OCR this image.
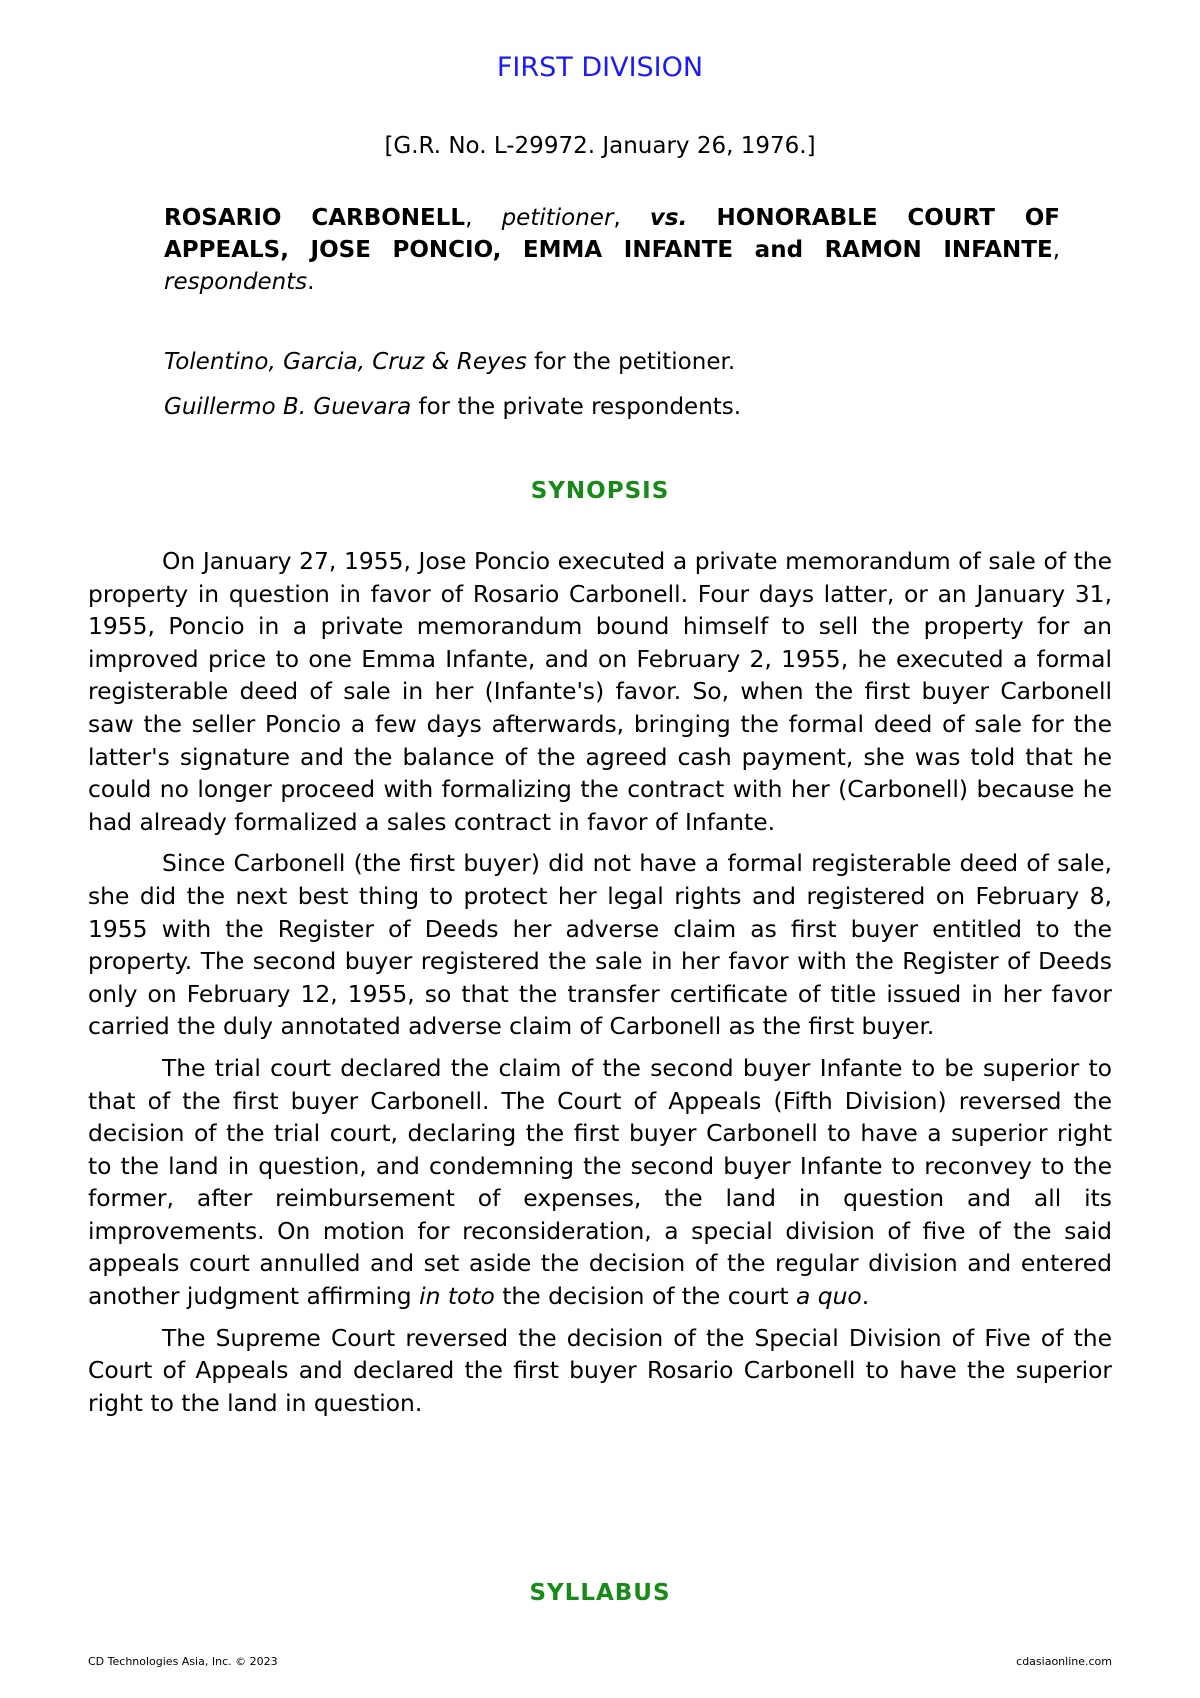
FIRST DIVISION
[G.R. No. L-29972. January 26, 1976.]
ROSARIO CARBONELL, petitioner, vs. HONORABLE COURT OF APPEALS, JOSE PONCIO, EMMA INFANTE and RAMON INFANTE, respondents.
Tolentino, Garcia, Cruz & Reyes for the petitioner.
Guillermo B. Guevara for the private respondents.
SYNOPSIS

On January 27, 1955, Jose Poncio executed a private memorandum of sale of the property in question in favor of Rosario Carbonell. Four days latter, or an January 31, 1955, Poncio in a private memorandum bound himself to sell the property for an improved price to one Emma Infante, and on February 2, 1955, he executed a formal registerable deed of sale in her (Infante's) favor. So, when the first buyer Carbonell saw the seller Poncio a few days afterwards, bringing the formal deed of sale for the latter's signature and the balance of the agreed cash payment, she was told that he could no longer proceed with formalizing the contract with her (Carbonell) because he had already formalized a sales contract in favor of Infante.

Since Carbonell (the first buyer) did not have a formal registerable deed of sale, she did the next best thing to protect her legal rights and registered on February 8, 1955 with the Register of Deeds her adverse claim as first buyer entitled to the property. The second buyer registered the sale in her favor with the Register of Deeds only on February 12, 1955, so that the transfer certificate of title issued in her favor carried the duly annotated adverse claim of Carbonell as the first buyer.

The trial court declared the claim of the second buyer Infante to be superior to that of the first buyer Carbonell. The Court of Appeals (Fifth Division) reversed the decision of the trial court, declaring the first buyer Carbonell to have a superior right to the land in question, and condemning the second buyer Infante to reconvey to the former, after reimbursement of expenses, the land in question and all its improvements. On motion for reconsideration, a special division of five of the said appeals court annulled and set aside the decision of the regular division and entered another judgment affirming in toto the decision of the court a quo.

The Supreme Court reversed the decision of the Special Division of Five of the Court of Appeals and declared the first buyer Rosario Carbonell to have the superior right to the land in question.

SYLLABUS
CD Technologies Asia, Inc. © 2023	cdasiaonline.com
